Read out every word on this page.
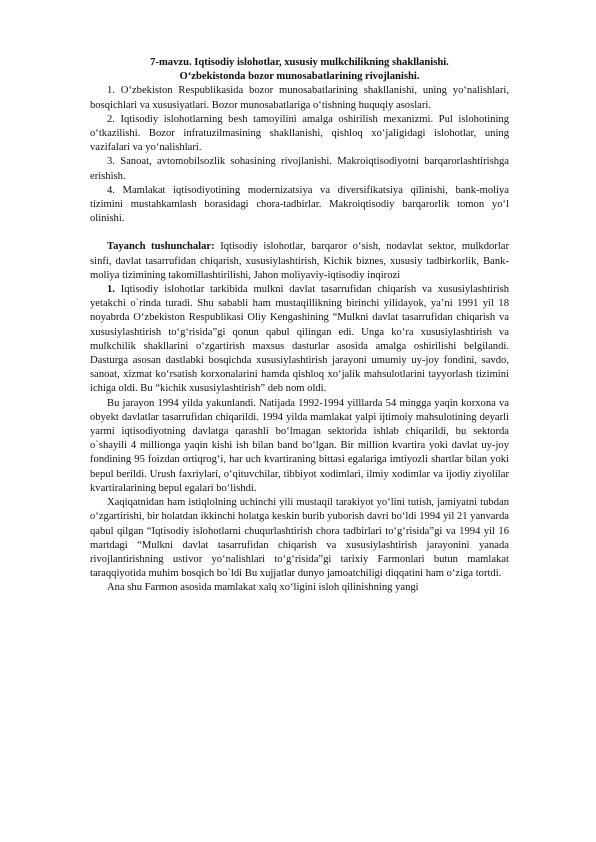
7-mavzu. Iqtisodiy islohotlar, xususiy mulkchilikning shakllanishi.
O‘zbekistonda bozor munosabatlarining rivojlanishi.

1. O‘zbekiston Respublikasida bozor munosabatlarining shakllanishi, uning yo‘nalishlari, bosqichlari va xususiyatlari. Bozor munosabatlariga o‘tishning huquqiy asoslari.

2. Iqtisodiy islohotlarning besh tamoyilini amalga oshirilish mexanizmi. Pul islohotining o‘tkazilishi. Bozor infratuzilmasining shakllanishi, qishloq xo‘jaligidagi islohotlar, uning vazifalari va yo‘nalishlari.

3. Sanoat, avtomobilsozlik sohasining rivojlanishi. Makroiqtisodiyotni barqarorlashtirishga erishish.

4. Mamlakat iqtisodiyotining modernizatsiya va diversifikatsiya qilinishi, bank-moliya tizimini mustahkamlash borasidagi chora-tadbirlar. Makroiqtisodiy barqarorlik tomon yo‘l olinishi.

Tayanch tushunchalar: Iqtisodiy islohotlar, barqaror o‘sish, nodavlat sektor, mulkdorlar sinfi, davlat tasarrufidan chiqarish, xususiylashtirish, Kichik biznes, xususiy tadbirkorlik, Bank-moliya tizimining takomillashtirilishi, Jahon moliyaviy-iqtisodiy inqirozi

1. Iqtisodiy islohotlar tarkibida mulkni davlat tasarrufidan chiqarish va xususiylashtirish yetakchi o`rinda turadi. Shu sababli ham mustaqillikning birinchi yilidayok, ya’ni 1991 yil 18 noyabrda O‘zbekiston Respublikasi Oliy Kengashining “Mulkni davlat tasarrufidan chiqarish va xususiylashtirish to‘g‘risida”gi qonun qabul qilingan edi. Unga ko‘ra xususiylashtirish va mulkchilik shakllarini o‘zgartirish maxsus dasturlar asosida amalga oshirilishi belgilandi. Dasturga asosan dastlabki bosqichda xususiylashtirish jarayoni umumiy uy-joy fondini, savdo, sanoat, xizmat ko‘rsatish korxonalarini hamda qishloq xo‘jalik mahsulotlarini tayyorlash tizimini ichiga oldi. Bu “kichik xususiylashtirish” deb nom oldi.

Bu jarayon 1994 yilda yakunlandi. Natijada 1992-1994 yilllarda 54 mingga yaqin korxona va obyekt davlatlar tasarrufidan chiqarildi. 1994 yilda mamlakat yalpi ijtimoiy mahsulotining deyarli yarmi iqtisodiyotning davlatga qarashli bo‘lmagan sektorida ishlab chiqarildi, bu sektorda o`shayili 4 millionga yaqin kishi ish bilan band bo‘lgan. Bir million kvartira yoki davlat uy-joy fondining 95 foizdan ortiqrog‘i, har uch kvartiraning bittasi egalariga imtiyozli shartlar bilan yoki bepul berildi. Urush faxriylari, o‘qituvchilar, tibbiyot xodimlari, ilmiy xodimlar va ijodiy ziyolilar kvartiralarining bepul egalari bo‘lishdi.

Xaqiqatnidan ham istiqlolning uchinchi yili mustaqil tarakiyot yo‘lini tutish, jamiyatni tubdan o‘zgartirishi, bir holatdan ikkinchi holatga keskin burib yuborish davri bo‘ldi 1994 yil 21 yanvarda qabul qilgan “Iqtisodiy islohotlarni chuqurlashtirish chora tadbirlari to‘g‘risida”gi va 1994 yil 16 martdagi “Mulkni davlat tasarrufidan chiqarish va xususiylashtirish jarayonini yanada rivojlantirishning ustivor yo‘nalishlari to‘g‘risida”gi tarixiy Farmonlari butun mamlakat taraqqiyotida muhim bosqich bo`ldi Bu xujjatlar dunyo jamoatchiligi diqqatini ham o‘ziga tortdi.

Ana shu Farmon asosida mamlakat xalq xo‘ligini isloh qilinishning yangi
